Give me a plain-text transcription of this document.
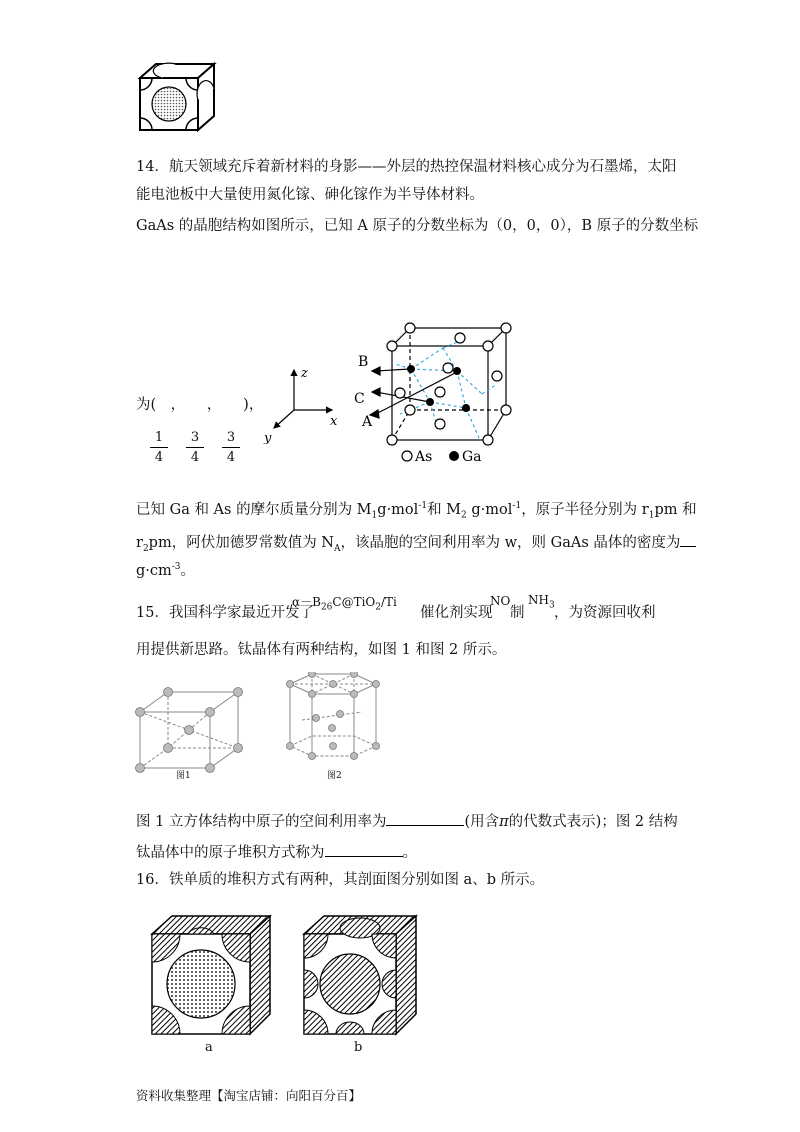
14．航天领域充斥着新材料的身影——外层的热控保温材料核心成分为石墨烯，太阳
能电池板中大量使用氮化镓、砷化镓作为半导体材料。
GaAs 的晶胞结构如图所示，已知 A 原子的分数坐标为（0，0，0），B 原子的分数坐标
为(　，　　，　　)，
$\frac{1}{4} \frac{3}{4} \frac{3}{4}$
z
x
y
B
C
A
As Ga
已知 Ga 和 As 的摩尔质量分别为 $M_1g\cdot mol^{-1}$和 $M_2$ g·mol$^{-1}$，原子半径分别为 $r_1pm$ 和
$r_2pm$，阿伏加德罗常数值为 $N_A$，该晶胞的空间利用率为 w，则 GaAs 晶体的密度为
$g\cdot cm^{-3}$。
$\alpha-B_{26}C@TiO_2/Ti$
15．我国科学家最近开发了	催化剂实现
NO
制
$NH_3$ ，为资源回收利
用提供新思路。钛晶体有两种结构，如图 1 和图 2 所示。
图1	图2
图 1 立方体结构中原子的空间利用率为	(用含π的代数式表示)；图 2 结构
钛晶体中的原子堆积方式称为	。
16．铁单质的堆积方式有两种，其剖面图分别如图 a、b 所示。
a	b
资料收集整理【淘宝店铺：向阳百分百】
